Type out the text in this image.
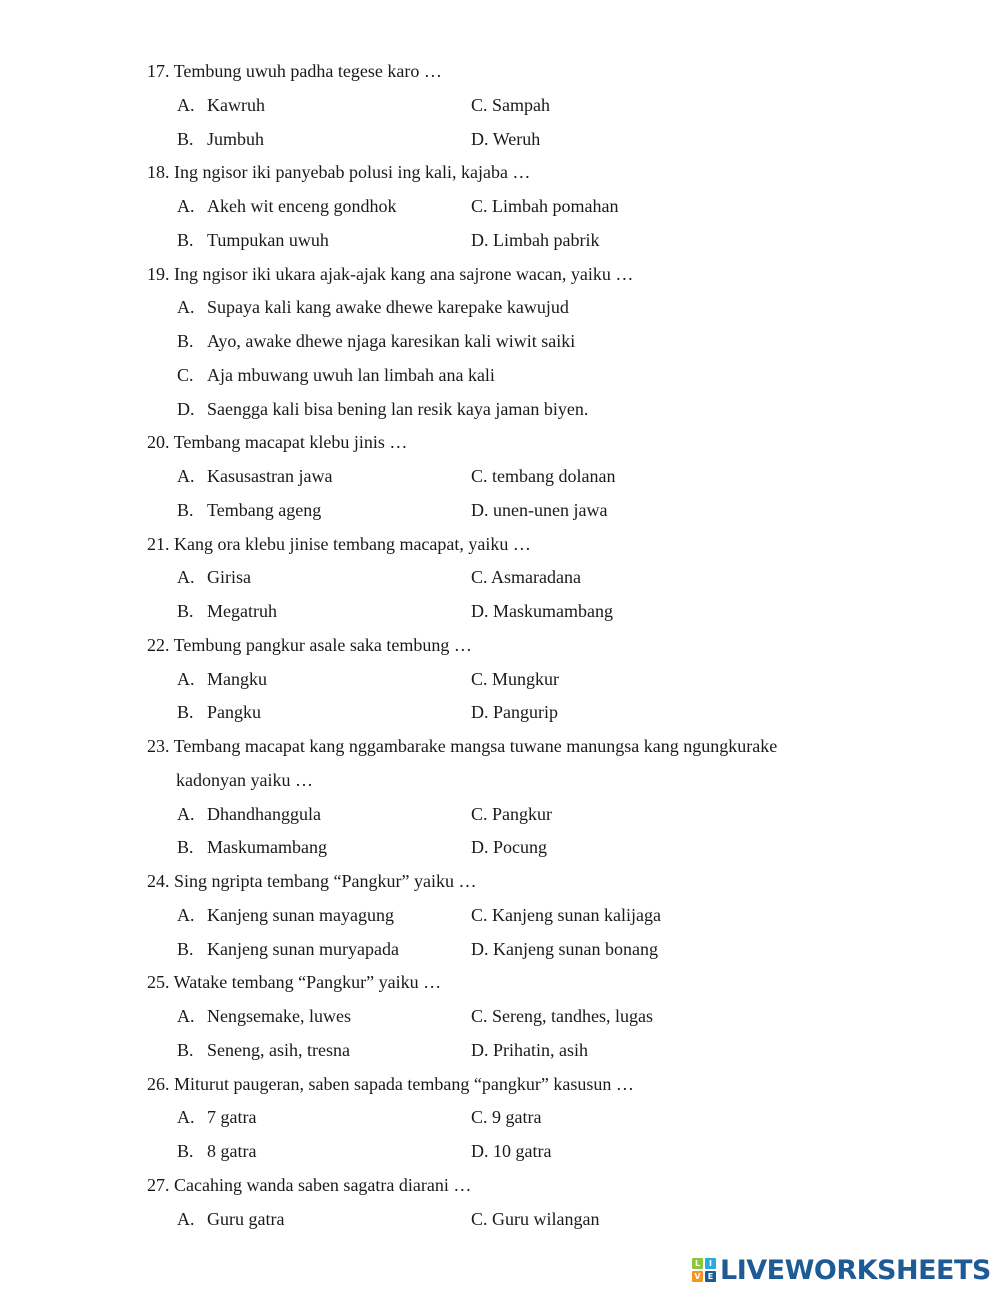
17. Tembung uwuh padha tegese karo …
A. Kawruh	C. Sampah
B. Jumbuh	D. Weruh
18. Ing ngisor iki panyebab polusi ing kali, kajaba …
A. Akeh wit enceng gondhok	C. Limbah pomahan
B. Tumpukan uwuh	D. Limbah pabrik
19. Ing ngisor iki ukara ajak-ajak kang ana sajrone wacan, yaiku …
A. Supaya kali kang awake dhewe karepake kawujud
B. Ayo, awake dhewe njaga karesikan kali wiwit saiki
C. Aja mbuwang uwuh lan limbah ana kali
D. Saengga kali bisa bening lan resik kaya jaman biyen.
20. Tembang macapat klebu jinis …
A. Kasusastran jawa	C. tembang dolanan
B. Tembang ageng	D. unen-unen jawa
21. Kang ora klebu jinise tembang macapat, yaiku …
A. Girisa	C. Asmaradana
B. Megatruh	D. Maskumambang
22. Tembung pangkur asale saka tembung …
A. Mangku	C. Mungkur
B. Pangku	D. Pangurip
23. Tembang macapat kang nggambarake mangsa tuwane manungsa kang ngungkurake
kadonyan yaiku …
A. Dhandhanggula	C. Pangkur
B. Maskumambang	D. Pocung
24. Sing ngripta tembang “Pangkur” yaiku …
A. Kanjeng sunan mayagung	C. Kanjeng sunan kalijaga
B. Kanjeng sunan muryapada	D. Kanjeng sunan bonang
25. Watake tembang “Pangkur” yaiku …
A. Nengsemake, luwes	C. Sereng, tandhes, lugas
B. Seneng, asih, tresna	D. Prihatin, asih
26. Miturut paugeran, saben sapada tembang “pangkur” kasusun …
A. 7 gatra	C. 9 gatra
B. 8 gatra	D. 10 gatra
27. Cacahing wanda saben sagatra diarani …
A. Guru gatra	C. Guru wilangan
L	I
V E LIVEWORKSHEETS
